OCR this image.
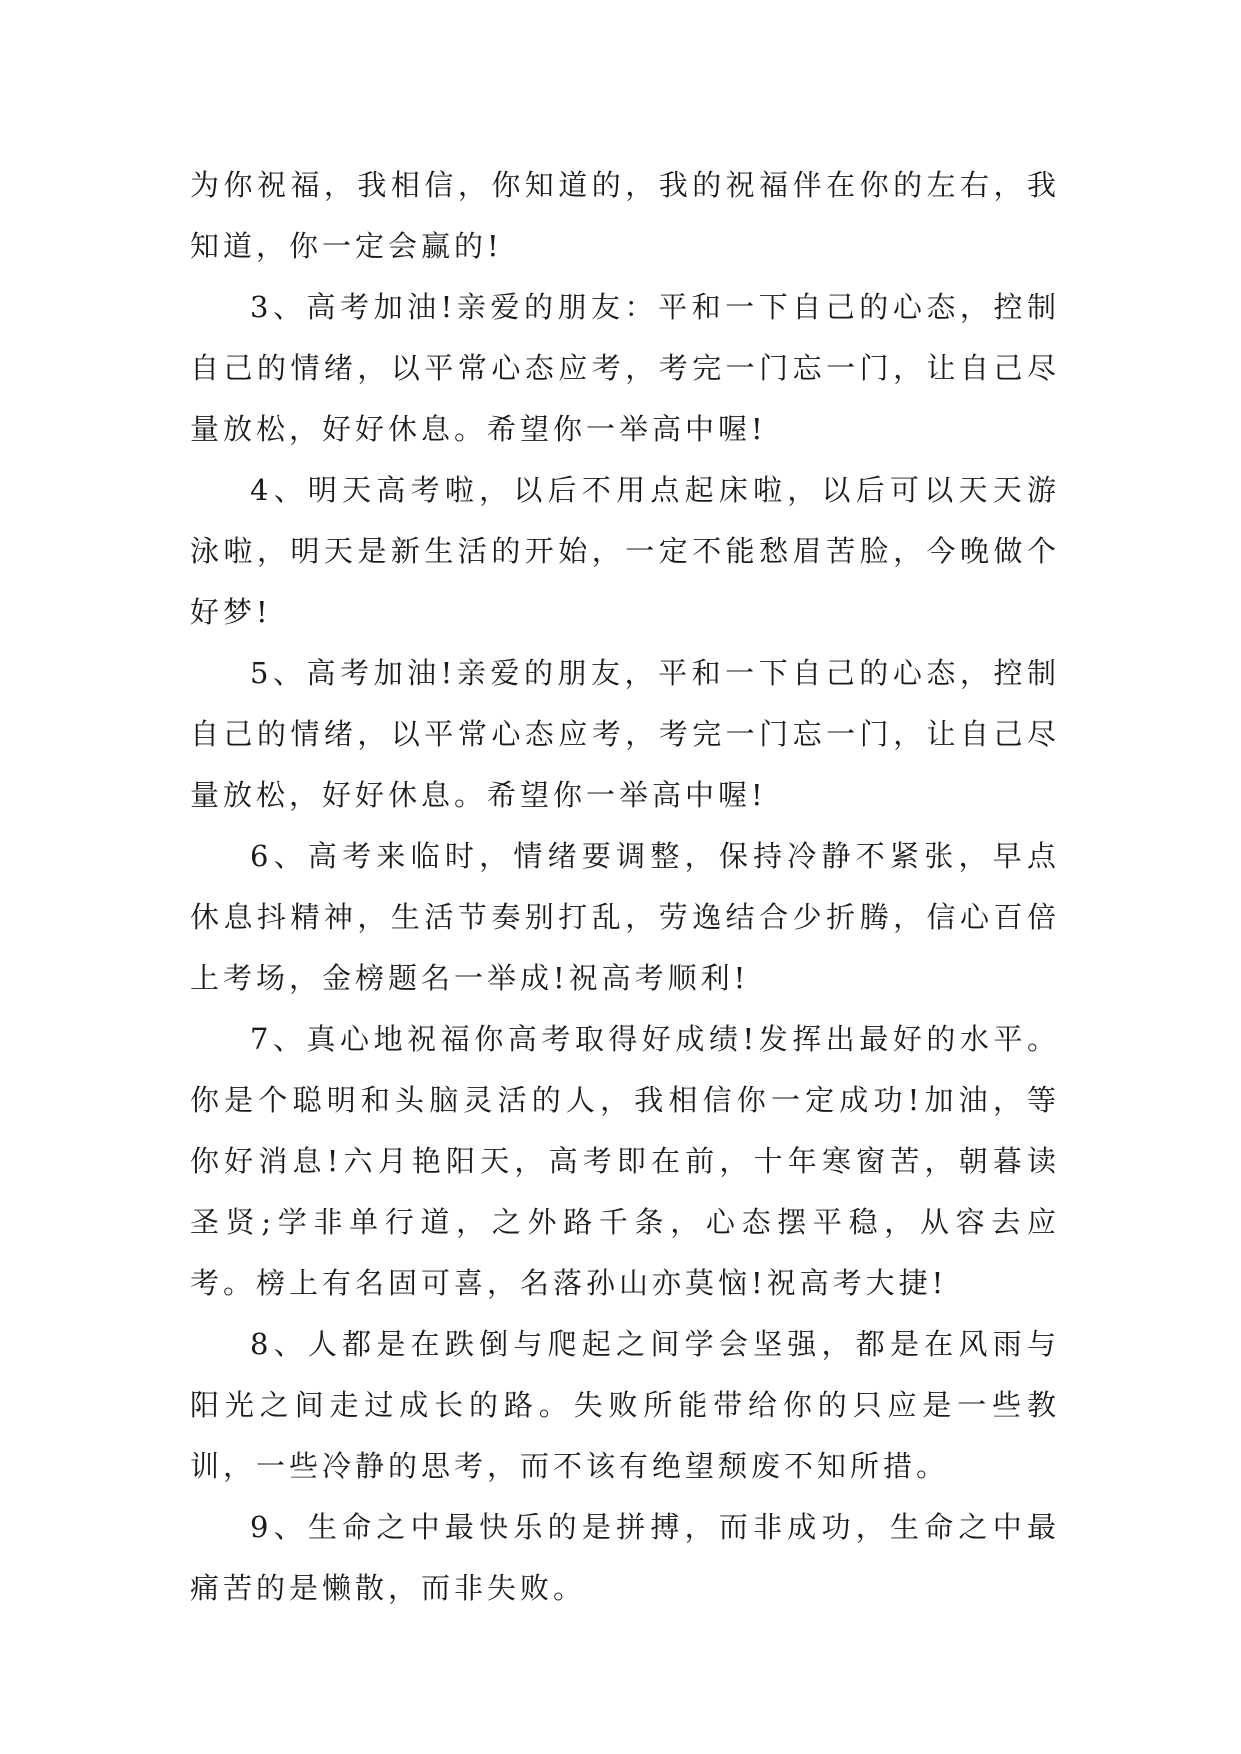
为你祝福，我相信，你知道的，我的祝福伴在你的左右，我知道，你一定会赢的!

3、高考加油!亲爱的朋友：平和一下自己的心态，控制自己的情绪，以平常心态应考，考完一门忘一门，让自己尽量放松，好好休息。希望你一举高中喔!

4、明天高考啦，以后不用点起床啦，以后可以天天游泳啦，明天是新生活的开始，一定不能愁眉苦脸，今晚做个好梦!

5、高考加油!亲爱的朋友，平和一下自己的心态，控制自己的情绪，以平常心态应考，考完一门忘一门，让自己尽量放松，好好休息。希望你一举高中喔!

6、高考来临时，情绪要调整，保持冷静不紧张，早点休息抖精神，生活节奏别打乱，劳逸结合少折腾，信心百倍上考场，金榜题名一举成!祝高考顺利!

7、真心地祝福你高考取得好成绩!发挥出最好的水平。你是个聪明和头脑灵活的人，我相信你一定成功!加油，等你好消息!六月艳阳天，高考即在前，十年寒窗苦，朝暮读圣贤;学非单行道，之外路千条，心态摆平稳，从容去应考。榜上有名固可喜，名落孙山亦莫恼!祝高考大捷!

8、人都是在跌倒与爬起之间学会坚强，都是在风雨与阳光之间走过成长的路。失败所能带给你的只应是一些教训，一些冷静的思考，而不该有绝望颓废不知所措。

9、生命之中最快乐的是拼搏，而非成功，生命之中最痛苦的是懒散，而非失败。
